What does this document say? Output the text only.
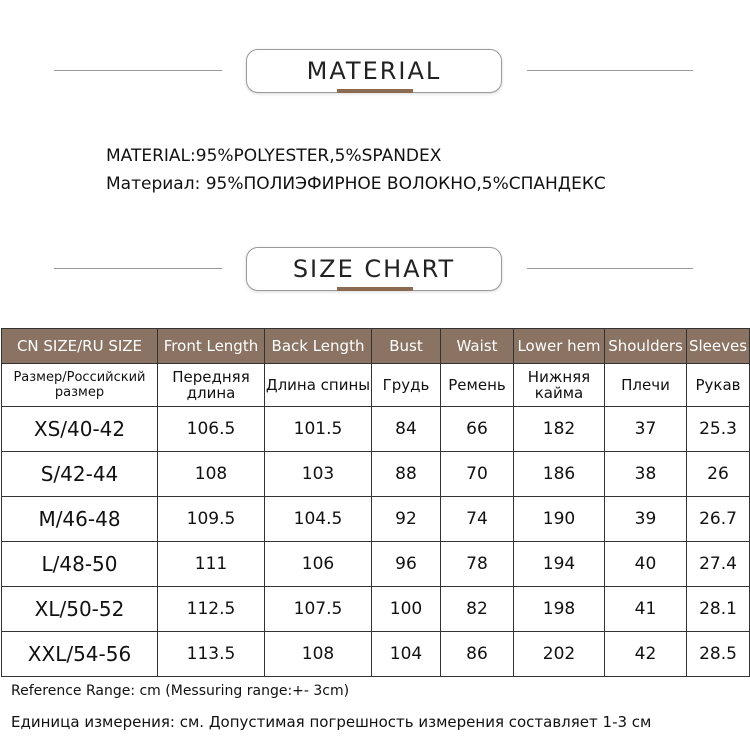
MATERIAL
MATERIAL:95%POLYESTER,5%SPANDEX
Материал: 95%ПОЛИЭФИРНОЕ ВОЛОКНО,5%СПАНДЕКС
SIZE CHART
CN SIZE/RU SIZE	Front Length	Back Length	Bust	Waist	Lower hem	Shoulders	Sleeves
Размер/Российский размер	Передняя длина	Длина спины	Грудь	Ремень	Нижняя кайма	Плечи	Рукав
XS/40-42	106.5	101.5	84	66	182	37	25.3
S/42-44	108	103	88	70	186	38	26
M/46-48	109.5	104.5	92	74	190	39	26.7
L/48-50	111	106	96	78	194	40	27.4
XL/50-52	112.5	107.5	100	82	198	41	28.1
XXL/54-56	113.5	108	104	86	202	42	28.5
Reference Range: cm (Messuring range:+- 3cm)
Единица измерения: см. Допустимая погрешность измерения составляет 1-3 см
